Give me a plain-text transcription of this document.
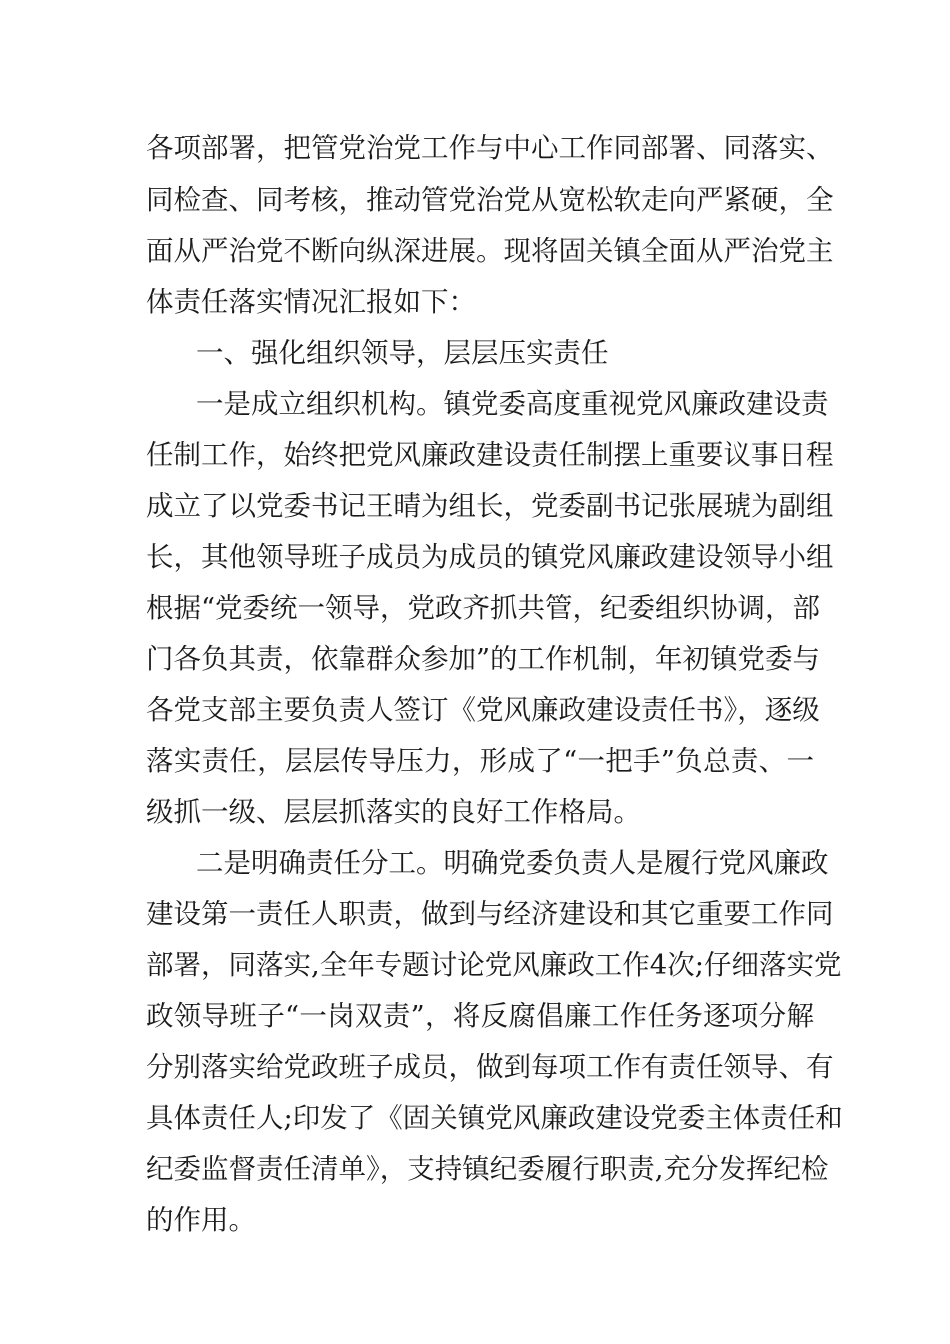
各项部署，把管党治党工作与中心工作同部署、同落实、
同检查、同考核，推动管党治党从宽松软走向严紧硬，全
面从严治党不断向纵深进展。现将固关镇全面从严治党主
体责任落实情况汇报如下：
一、强化组织领导，层层压实责任
一是成立组织机构。镇党委高度重视党风廉政建设责
任制工作，始终把党风廉政建设责任制摆上重要议事日程
成立了以党委书记王晴为组长，党委副书记张展琥为副组
长，其他领导班子成员为成员的镇党风廉政建设领导小组
根据“党委统一领导，党政齐抓共管，纪委组织协调，部
门各负其责，依靠群众参加”的工作机制，年初镇党委与
各党支部主要负责人签订《党风廉政建设责任书》，逐级
落实责任，层层传导压力，形成了“一把手”负总责、一
级抓一级、层层抓落实的良好工作格局。
二是明确责任分工。明确党委负责人是履行党风廉政
建设第一责任人职责，做到与经济建设和其它重要工作同
部署，同落实,全年专题讨论党风廉政工作4次;仔细落实党
政领导班子“一岗双责”，将反腐倡廉工作任务逐项分解
分别落实给党政班子成员，做到每项工作有责任领导、有
具体责任人;印发了《固关镇党风廉政建设党委主体责任和
纪委监督责任清单》，支持镇纪委履行职责,充分发挥纪检
的作用。
